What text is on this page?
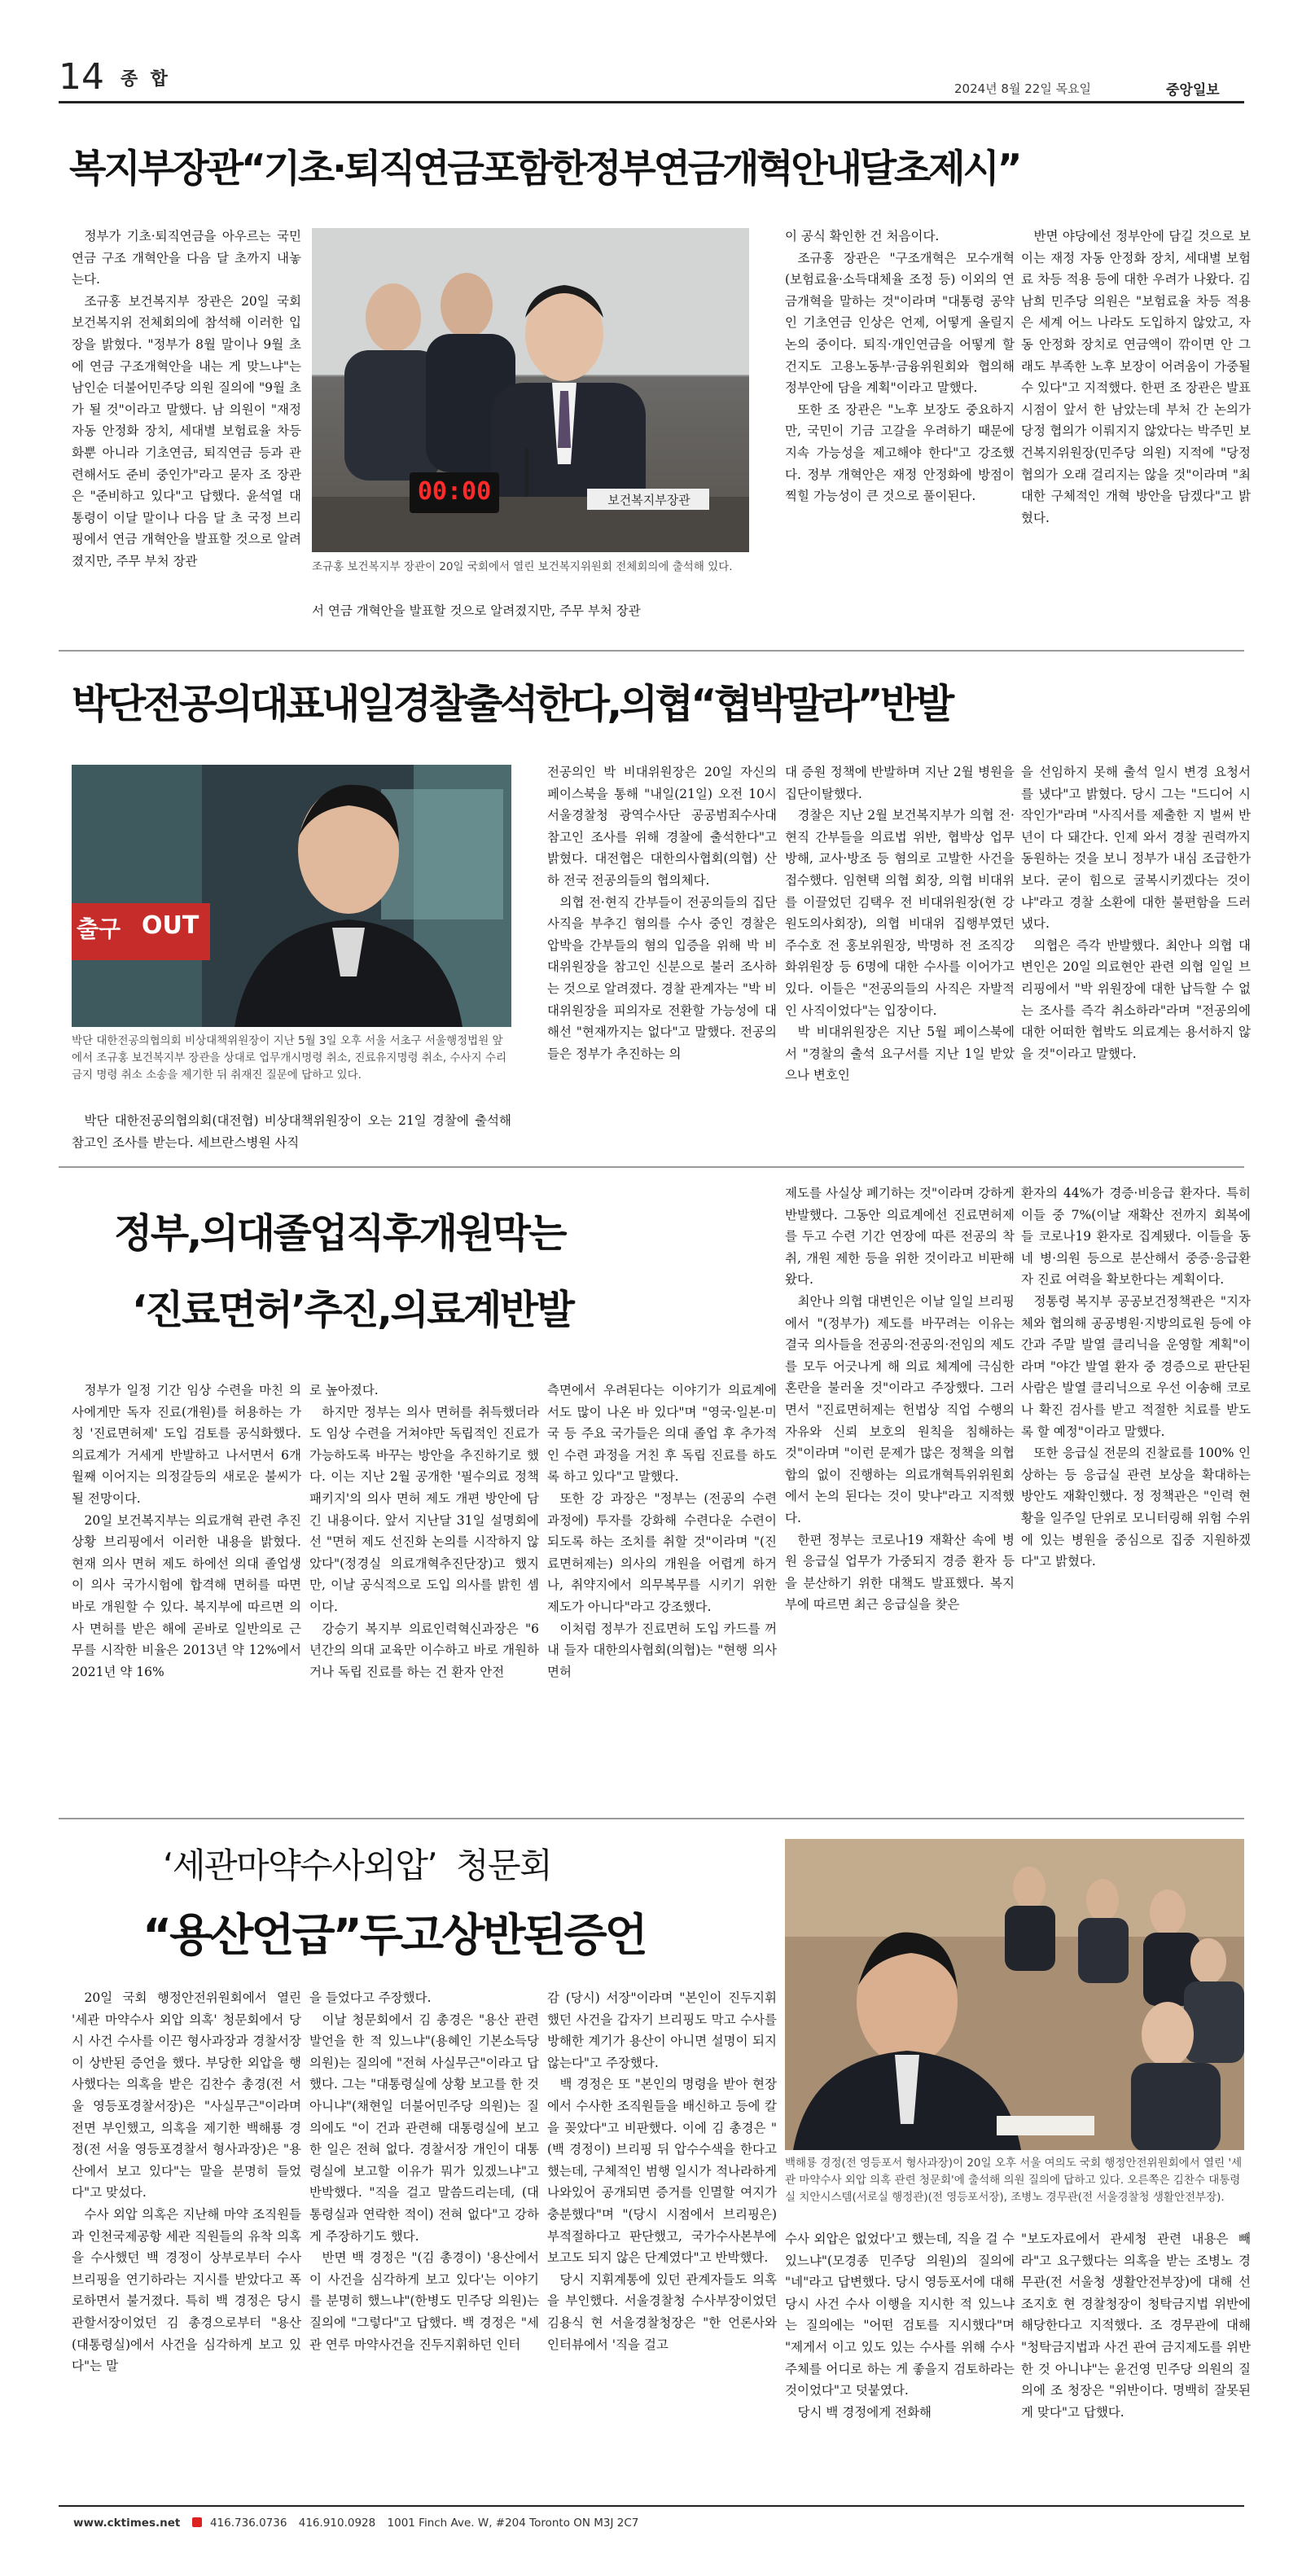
14 종  합	2024년 8월 22일 목요일	중앙일보
복지부장관“기초·퇴직연금포함한정부연금개혁안내달초제시”

정부가 기초·퇴직연금을 아우르는 국민연금 구조 개혁안을 다음 달 초까지 내놓는다.

조규홍 보건복지부 장관은 20일 국회 보건복지위 전체회의에 참석해 이러한 입장을 밝혔다. "정부가 8월 말이나 9월 초에 연금 구조개혁안을 내는 게 맞느냐"는 남인순 더불어민주당 의원 질의에 "9월 초가 될 것"이라고 말했다. 남 의원이 "재정 자동 안정화 장치, 세대별 보험료율 차등화뿐 아니라 기초연금, 퇴직연금 등과 관련해서도 준비 중인가"라고 묻자 조 장관은 "준비하고 있다"고 답했다. 윤석열 대통령이 이달 말이나 다음 달 초 국정 브리핑에서 연금 개혁안을 발표할 것으로 알려졌지만, 주무 부처 장관

보건복지부장관
00:00
조규홍 보건복지부 장관이 20일 국회에서 열린 보건복지위원회 전체회의에 출석해 있다.

서 연금 개혁안을 발표할 것으로 알려졌지만, 주무 부처 장관

이 공식 확인한 건 처음이다.

조규홍 장관은 "구조개혁은 모수개혁(보험료율·소득대체율 조정 등) 이외의 연금개혁을 말하는 것"이라며 "대통령 공약인 기초연금 인상은 언제, 어떻게 올릴지 논의 중이다. 퇴직·개인연금을 어떻게 할 건지도 고용노동부·금융위원회와 협의해 정부안에 담을 계획"이라고 말했다.

또한 조 장관은 "노후 보장도 중요하지만, 국민이 기금 고갈을 우려하기 때문에 지속 가능성을 제고해야 한다"고 강조했다. 정부 개혁안은 재정 안정화에 방점이 찍힐 가능성이 큰 것으로 풀이된다.

반면 야당에선 정부안에 담길 것으로 보이는 재정 자동 안정화 장치, 세대별 보험료 차등 적용 등에 대한 우려가 나왔다. 김남희 민주당 의원은 "보험료율 차등 적용은 세계 어느 나라도 도입하지 않았고, 자동 안정화 장치로 연금액이 깎이면 안 그래도 부족한 노후 보장이 어려움이 가중될 수 있다"고 지적했다. 한편 조 장관은 발표 시점이 앞서 한 남았는데 부처 간 논의가 당정 협의가 이뤄지지 않았다는 박주민 보건복지위원장(민주당 의원) 지적에 "당정 협의가 오래 걸리지는 않을 것"이라며 "최대한 구체적인 개혁 방안을 담겠다"고 밝혔다.

박단전공의대표내일경찰출석한다,의협“협박말라”반발
출구 OUT
박단 대한전공의협의회 비상대책위원장이 지난 5월 3일 오후 서울 서초구 서울행정법원 앞에서 조규홍 보건복지부 장관을 상대로 업무개시명령 취소, 진료유지명령 취소, 수사지 수리 금지 명령 취소 소송을 제기한 뒤 취재진 질문에 답하고 있다.

박단 대한전공의협의회(대전협) 비상대책위원장이 오는 21일 경찰에 출석해 참고인 조사를 받는다. 세브란스병원 사직

전공의인 박 비대위원장은 20일 자신의 페이스북을 통해 "내일(21일) 오전 10시 서울경찰청 광역수사단 공공범죄수사대 참고인 조사를 위해 경찰에 출석한다"고 밝혔다. 대전협은 대한의사협회(의협) 산하 전국 전공의들의 협의체다.

의협 전·현직 간부들이 전공의들의 집단 사직을 부추긴 혐의를 수사 중인 경찰은 압박을 간부들의 혐의 입증을 위해 박 비대위원장을 참고인 신분으로 불러 조사하는 것으로 알려졌다. 경찰 관계자는 "박 비대위원장을 피의자로 전환할 가능성에 대해선 "현재까지는 없다"고 말했다. 전공의들은 정부가 추진하는 의

대 증원 정책에 반발하며 지난 2월 병원을 집단이탈했다.

경찰은 지난 2월 보건복지부가 의협 전·현직 간부들을 의료법 위반, 협박상 업무방해, 교사·방조 등 혐의로 고발한 사건을 접수했다. 임현택 의협 회장, 의협 비대위를 이끌었던 김택우 전 비대위원장(현 강원도의사회장), 의협 비대위 집행부였던 주수호 전 홍보위원장, 박명하 전 조직강화위원장 등 6명에 대한 수사를 이어가고 있다. 이들은 "전공의들의 사직은 자발적인 사직이었다"는 입장이다.

박 비대위원장은 지난 5월 페이스북에서 "경찰의 출석 요구서를 지난 1일 받았으나 변호인

을 선임하지 못해 출석 일시 변경 요청서를 냈다"고 밝혔다. 당시 그는 "드디어 시작인가"라며 "사직서를 제출한 지 벌써 반년이 다 돼간다. 인제 와서 경찰 권력까지 동원하는 것을 보니 정부가 내심 조급한가 보다. 굳이 힘으로 굴복시키겠다는 것이냐"라고 경찰 소환에 대한 불편함을 드러냈다.

의협은 즉각 반발했다. 최안나 의협 대변인은 20일 의료현안 관련 의협 일일 브리핑에서 "박 위원장에 대한 납득할 수 없는 조사를 즉각 취소하라"라며 "전공의에 대한 어떠한 협박도 의료계는 용서하지 않을 것"이라고 말했다.

정부,의대졸업직후개원막는
‘진료면허’추진,의료계반발

정부가 일정 기간 임상 수련을 마친 의사에게만 독자 진료(개원)를 허용하는 가칭 '진료면허제' 도입 검토를 공식화했다. 의료계가 거세게 반발하고 나서면서 6개월째 이어지는 의정갈등의 새로운 불씨가 될 전망이다.

20일 보건복지부는 의료개혁 관련 추진상황 브리핑에서 이러한 내용을 밝혔다. 현재 의사 면허 제도 하에선 의대 졸업생이 의사 국가시험에 합격해 면허를 따면 바로 개원할 수 있다. 복지부에 따르면 의사 면허를 받은 해에 곧바로 일반의로 근무를 시작한 비율은 2013년 약 12%에서 2021년 약 16%

로 높아졌다.

하지만 정부는 의사 면허를 취득했더라도 임상 수련을 거쳐야만 독립적인 진료가 가능하도록 바꾸는 방안을 추진하기로 했다. 이는 지난 2월 공개한 '필수의료 정책 패키지'의 의사 면허 제도 개편 방안에 담긴 내용이다. 앞서 지난달 31일 설명회에선 "면허 제도 선진화 논의를 시작하지 않았다"(정경실 의료개혁추진단장)고 했지만, 이날 공식적으로 도입 의사를 밝힌 셈이다.

강승기 복지부 의료인력혁신과장은 "6년간의 의대 교육만 이수하고 바로 개원하거나 독립 진료를 하는 건 환자 안전

측면에서 우려된다는 이야기가 의료계에서도 많이 나온 바 있다"며 "영국·일본·미국 등 주요 국가들은 의대 졸업 후 추가적인 수련 과정을 거친 후 독립 진료를 하도록 하고 있다"고 말했다.

또한 강 과장은 "정부는 (전공의 수련 과정에) 투자를 강화해 수련다운 수련이 되도록 하는 조치를 취할 것"이라며 "(진료면허제는) 의사의 개원을 어렵게 하거나, 취약지에서 의무복무를 시키기 위한 제도가 아니다"라고 강조했다.

이처럼 정부가 진료면허 도입 카드를 꺼내 들자 대한의사협회(의협)는 "현행 의사 면허

제도를 사실상 폐기하는 것"이라며 강하게 반발했다. 그동안 의료계에선 진료면허제를 두고 수련 기간 연장에 따른 전공의 착취, 개원 제한 등을 위한 것이라고 비판해왔다.

최안나 의협 대변인은 이날 일일 브리핑에서 "(정부가) 제도를 바꾸려는 이유는 결국 의사들을 전공의·전공의·전임의 제도를 모두 어긋나게 해 의료 체계에 극심한 혼란을 불러올 것"이라고 주장했다. 그러면서 "진료면허제는 헌법상 직업 수행의 자유와 신뢰 보호의 원칙을 침해하는 것"이라며 "이런 문제가 많은 정책을 의협 합의 없이 진행하는 의료개혁특위위원회에서 논의 된다는 것이 맞냐"라고 지적했다.

한편 정부는 코로나19 재확산 속에 병원 응급실 업무가 가중되지 경증 환자 등을 분산하기 위한 대책도 발표했다. 복지부에 따르면 최근 응급실을 찾은

환자의 44%가 경증·비응급 환자다. 특히 이들 중 7%(이날 재확산 전까지 회복에 들 코로나19 환자로 집계됐다. 이들을 동네 병·의원 등으로 분산해서 중증·응급환자 진료 여력을 확보한다는 계획이다.

정통령 복지부 공공보건정책관은 "지자체와 협의해 공공병원·지방의료원 등에 야간과 주말 발열 클리닉을 운영할 계획"이라며 "야간 발열 환자 중 경증으로 판단된 사람은 발열 클리닉으로 우선 이송해 코로나 확진 검사를 받고 적절한 치료를 받도록 할 예정"이라고 말했다.

또한 응급실 전문의 진찰료를 100% 인상하는 등 응급실 관련 보상을 확대하는 방안도 재확인했다. 정 정책관은 "인력 현황을 일주일 단위로 모니터링해 위험 수위에 있는 병원을 중심으로 집중 지원하겠다"고 밝혔다.

‘세관마약수사외압’  청문회
“용산언급”두고상반된증언

20일 국회 행정안전위원회에서 열린 '세관 마약수사 외압 의혹' 청문회에서 당시 사건 수사를 이끈 형사과장과 경찰서장이 상반된 증언을 했다. 부당한 외압을 행사했다는 의혹을 받은 김찬수 총경(전 서울 영등포경찰서장)은 "사실무근"이라며 전면 부인했고, 의혹을 제기한 백해룡 경정(전 서울 영등포경찰서 형사과장)은 "용산에서 보고 있다"는 말을 분명히 들었다"고 맞섰다.

수사 외압 의혹은 지난해 마약 조직원들과 인천국제공항 세관 직원들의 유착 의혹을 수사했던 백 경정이 상부로부터 수사 브리핑을 연기하라는 지시를 받았다고 폭로하면서 불거졌다. 특히 백 경정은 당시 관할서장이었던 김 총경으로부터 "용산(대통령실)에서 사건을 심각하게 보고 있다"는 말

을 들었다고 주장했다.

이날 청문회에서 김 총경은 "용산 관련 발언을 한 적 있느냐"(용혜인 기본소득당 의원)는 질의에 "전혀 사실무근"이라고 답했다. 그는 "대통령실에 상황 보고를 한 것 아니냐"(채현일 더불어민주당 의원)는 질의에도 "이 건과 관련해 대통령실에 보고한 일은 전혀 없다. 경찰서장 개인이 대통령실에 보고할 이유가 뭐가 있겠느냐"고 반박했다. "직을 걸고 말씀드리는데, (대통령실과 연락한 적이) 전혀 없다"고 강하게 주장하기도 했다.

반면 백 경정은 "(김 총경이) '용산에서 이 사건을 심각하게 보고 있다'는 이야기를 분명히 했느냐"(한병도 민주당 의원)는 질의에 "그렇다"고 답했다. 백 경정은 "세관 연루 마약사건을 진두지휘하던 인터

감 (당시) 서장"이라며 "본인이 진두지휘했던 사건을 갑자기 브리핑도 막고 수사를 방해한 계기가 용산이 아니면 설명이 되지 않는다"고 주장했다.

백 경정은 또 "본인의 명령을 받아 현장에서 수사한 조직원들을 배신하고 등에 칼을 꽂았다"고 비판했다. 이에 김 총경은 "(백 경정이) 브리핑 뒤 압수수색을 한다고 했는데, 구체적인 범행 일시가 적나라하게 나와있어 공개되면 증거를 인멸할 여지가 충분했다"며 "(당시 시점에서 브리핑은) 부적절하다고 판단했고, 국가수사본부에 보고도 되지 않은 단계였다"고 반박했다.

당시 지휘계통에 있던 관계자들도 의혹을 부인했다. 서울경찰청 수사부장이었던 김용식 현 서울경찰청장은 "한 언론사와 인터뷰에서 '직을 걸고

백해룡 경정(전 영등포서 형사과장)이 20일 오후 서울 여의도 국회 행정안전위원회에서 열린 '세관 마약수사 외압 의혹 관련 청문회'에 출석해 의원 질의에 답하고 있다. 오른쪽은 김찬수 대통령실 치안시스템(서로실 행정관)(전 영등포서장), 조병노 경무관(전 서울경찰청 생활안전부장).

수사 외압은 없었다'고 했는데, 직을 걸 수 있느냐"(모경종 민주당 의원)의 질의에 "네"라고 답변했다. 당시 영등포서에 대해 당시 사건 수사 이행을 지시한 적 있느냐는 질의에는 "어떤 검토를 지시했다"며 "제게서 이고 있도 있는 수사를 위해 수사 주체를 어디로 하는 게 좋을지 검토하라는 것이었다"고 덧붙였다.

당시 백 경정에게 전화해

"보도자료에서 관세청 관련 내용은 빼라"고 요구했다는 의혹을 받는 조병노 경무관(전 서울청 생활안전부장)에 대해 선 조지호 현 경찰청장이 청탁금지법 위반에 해당한다고 지적했다. 조 경무관에 대해 "청탁금지법과 사건 관여 금지제도를 위반한 것 아니냐"는 윤건영 민주당 의원의 질의에 조 청장은 "위반이다. 명백히 잘못된 게 맞다"고 답했다.

www.cktimes.net	416.736.0736 416.910.0928 1001 Finch Ave. W, #204 Toronto ON M3J 2C7
